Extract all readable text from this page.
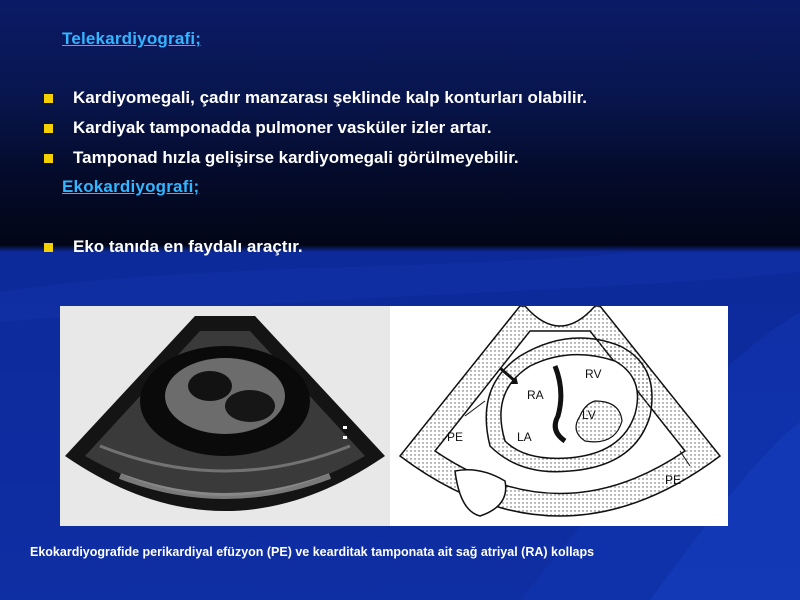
Telekardiyografi;
Kardiyomegali, çadır manzarası şeklinde kalp konturları olabilir.
Kardiyak tamponadda pulmoner vasküler izler artar.
Tamponad hızla gelişirse kardiyomegali görülmeyebilir.
Ekokardiyografi;
Eko tanıda en faydalı araçtır.
RV
RA
LV
LA
PE
PE
Ekokardiyografide perikardiyal efüzyon (PE) ve kearditak tamponata ait sağ atriyal (RA) kollaps
